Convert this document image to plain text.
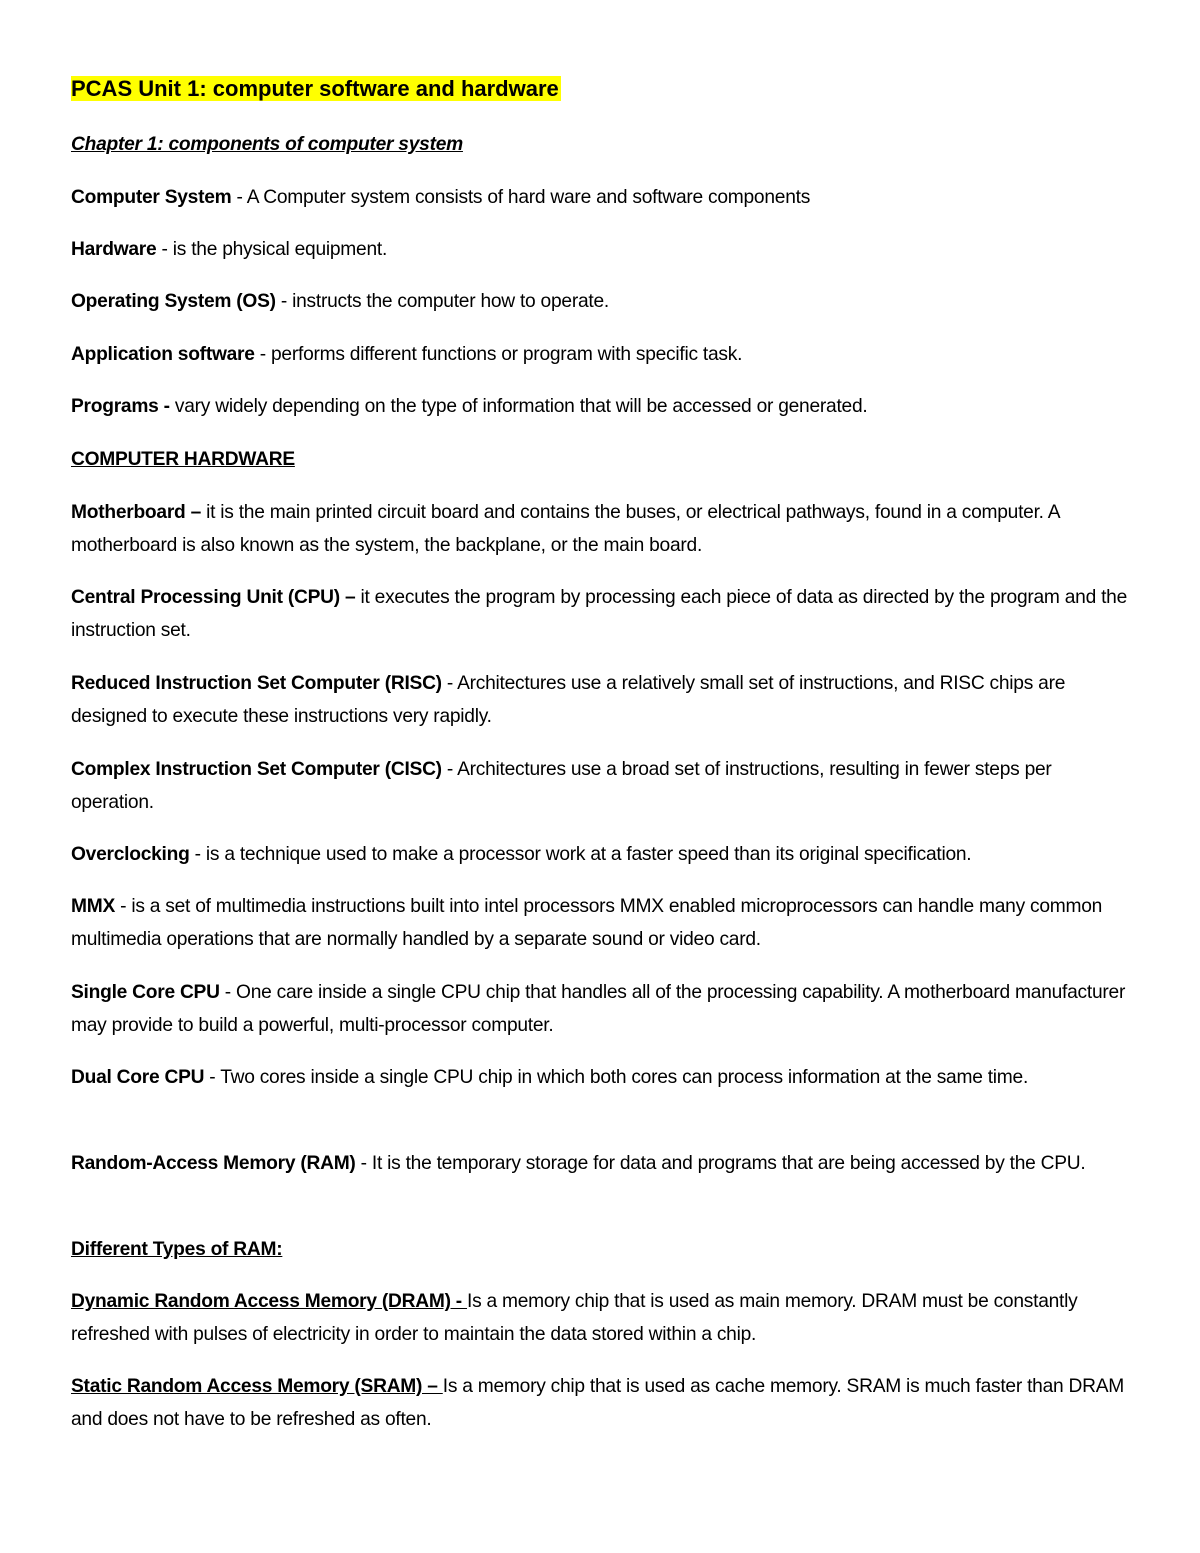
PCAS Unit 1: computer software and hardware

Chapter 1: components of computer system

Computer System - A Computer system consists of hard ware and software components

Hardware - is the physical equipment.

Operating System (OS) - instructs the computer how to operate.

Application software - performs different functions or program with specific task.

Programs - vary widely depending on the type of information that will be accessed or generated.

COMPUTER HARDWARE

Motherboard – it is the main printed circuit board and contains the buses, or electrical pathways, found in a computer. A motherboard is also known as the system, the backplane, or the main board.

Central Processing Unit (CPU) – it executes the program by processing each piece of data as directed by the program and the instruction set.

Reduced Instruction Set Computer (RISC) - Architectures use a relatively small set of instructions, and RISC chips are designed to execute these instructions very rapidly.

Complex Instruction Set Computer (CISC) - Architectures use a broad set of instructions, resulting in fewer steps per operation.

Overclocking - is a technique used to make a processor work at a faster speed than its original specification.

MMX - is a set of multimedia instructions built into intel processors MMX enabled microprocessors can handle many common multimedia operations that are normally handled by a separate sound or video card.

Single Core CPU - One care inside a single CPU chip that handles all of the processing capability. A motherboard manufacturer may provide to build a powerful, multi-processor computer.

Dual Core CPU - Two cores inside a single CPU chip in which both cores can process information at the same time.

Random-Access Memory (RAM) - It is the temporary storage for data and programs that are being accessed by the CPU.

Different Types of RAM:

Dynamic Random Access Memory (DRAM) - Is a memory chip that is used as main memory. DRAM must be constantly refreshed with pulses of electricity in order to maintain the data stored within a chip.

Static Random Access Memory (SRAM) – Is a memory chip that is used as cache memory. SRAM is much faster than DRAM and does not have to be refreshed as often.
